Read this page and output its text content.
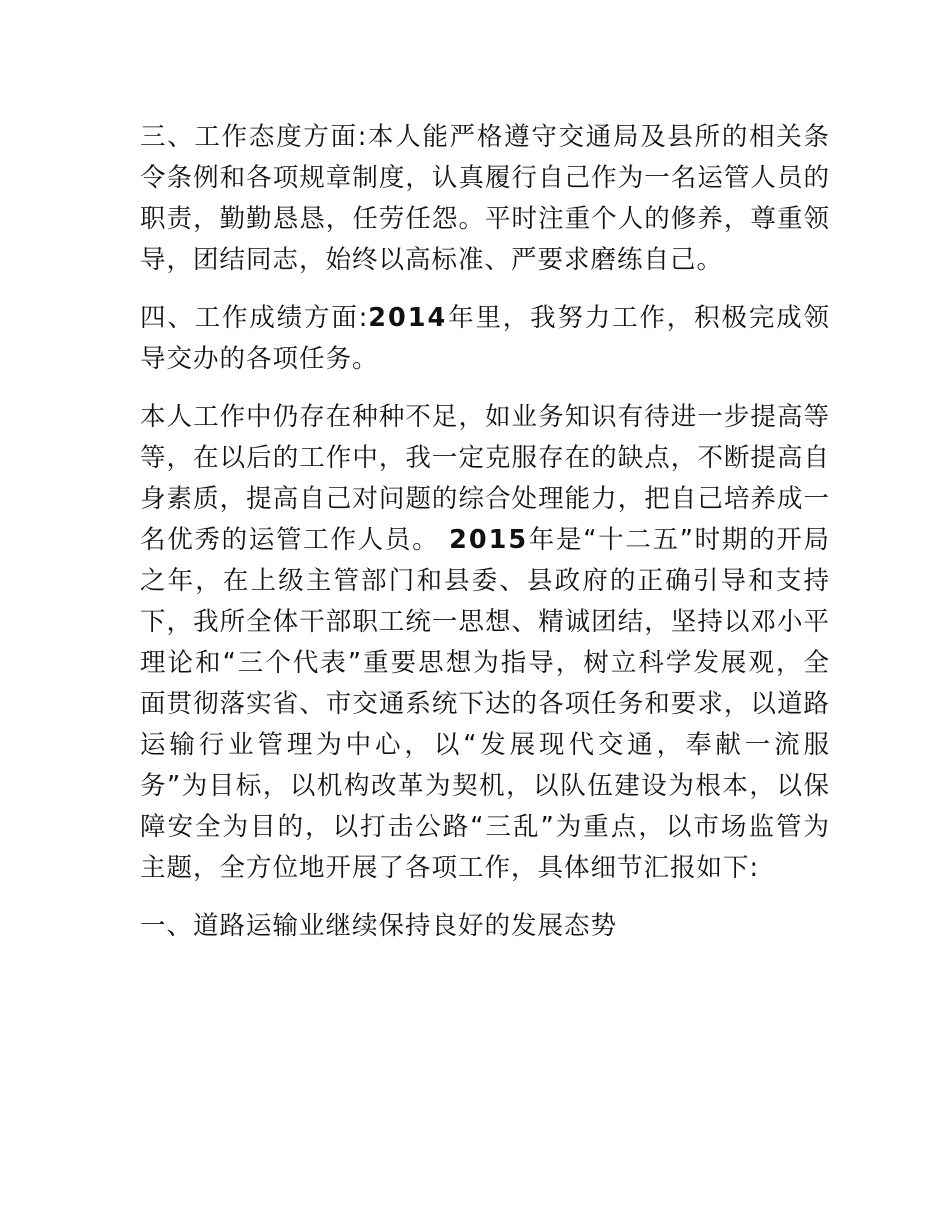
三、工作态度方面:本人能严格遵守交通局及县所的相关条令条例和各项规章制度，认真履行自己作为一名运管人员的职责，勤勤恳恳，任劳任怨。平时注重个人的修养，尊重领导，团结同志，始终以高标准、严要求磨练自己。

四、工作成绩方面:2014年里，我努力工作，积极完成领导交办的各项任务。

本人工作中仍存在种种不足，如业务知识有待进一步提高等等，在以后的工作中，我一定克服存在的缺点，不断提高自身素质，提高自己对问题的综合处理能力，把自己培养成一名优秀的运管工作人员。 2015年是“十二五”时期的开局之年，在上级主管部门和县委、县政府的正确引导和支持下，我所全体干部职工统一思想、精诚团结，坚持以邓小平理论和“三个代表”重要思想为指导，树立科学发展观，全面贯彻落实省、市交通系统下达的各项任务和要求，以道路运输行业管理为中心，以“发展现代交通，奉献一流服务”为目标，以机构改革为契机，以队伍建设为根本，以保障安全为目的，以打击公路“三乱”为重点，以市场监管为主题，全方位地开展了各项工作，具体细节汇报如下:

一、道路运输业继续保持良好的发展态势
